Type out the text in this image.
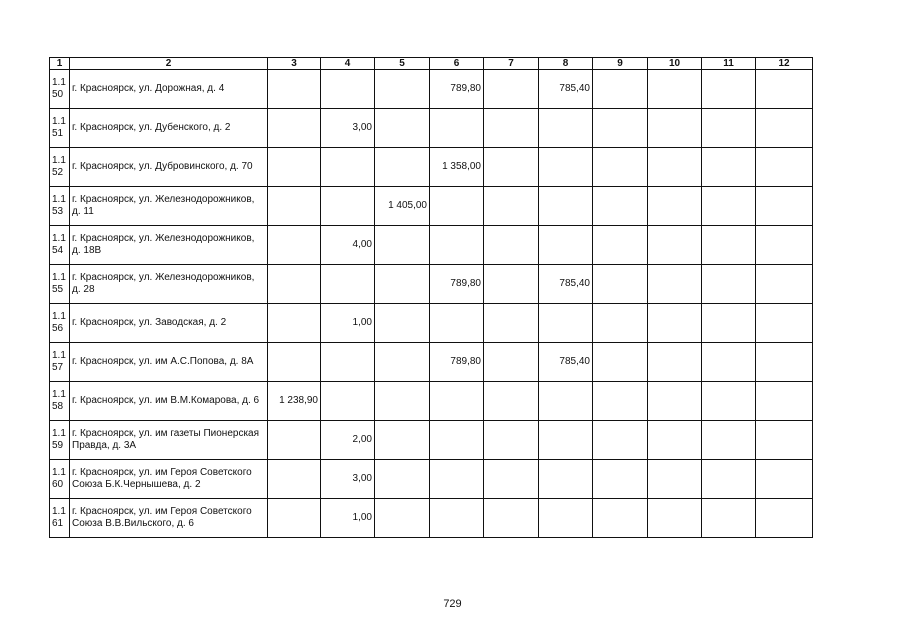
1	2	3	4	5	6	7	8	9	10	11	12

1.1
50	г. Красноярск, ул. Дорожная, д. 4				789,80		785,40				

1.1
51	г. Красноярск, ул. Дубенского, д. 2		3,00								

1.1
52	г. Красноярск, ул. Дубровинского, д. 70				1 358,00						

1.1
53	г. Красноярск, ул. Железнодорожников, д. 11			1 405,00							

1.1
54	г. Красноярск, ул. Железнодорожников, д. 18В		4,00								

1.1
55	г. Красноярск, ул. Железнодорожников, д. 28				789,80		785,40				

1.1
56	г. Красноярск, ул. Заводская, д. 2		1,00								

1.1
57	г. Красноярск, ул. им А.С.Попова, д. 8А				789,80		785,40				

1.1
58	г. Красноярск, ул. им В.М.Комарова, д. 6	1 238,90									

1.1
59	г. Красноярск, ул. им газеты Пионерская Правда, д. 3А		2,00								

1.1
60	г. Красноярск, ул. им Героя Советского Союза Б.К.Чернышева, д. 2		3,00								

1.1
61	г. Красноярск, ул. им Героя Советского Союза В.В.Вильского, д. 6		1,00								
729
